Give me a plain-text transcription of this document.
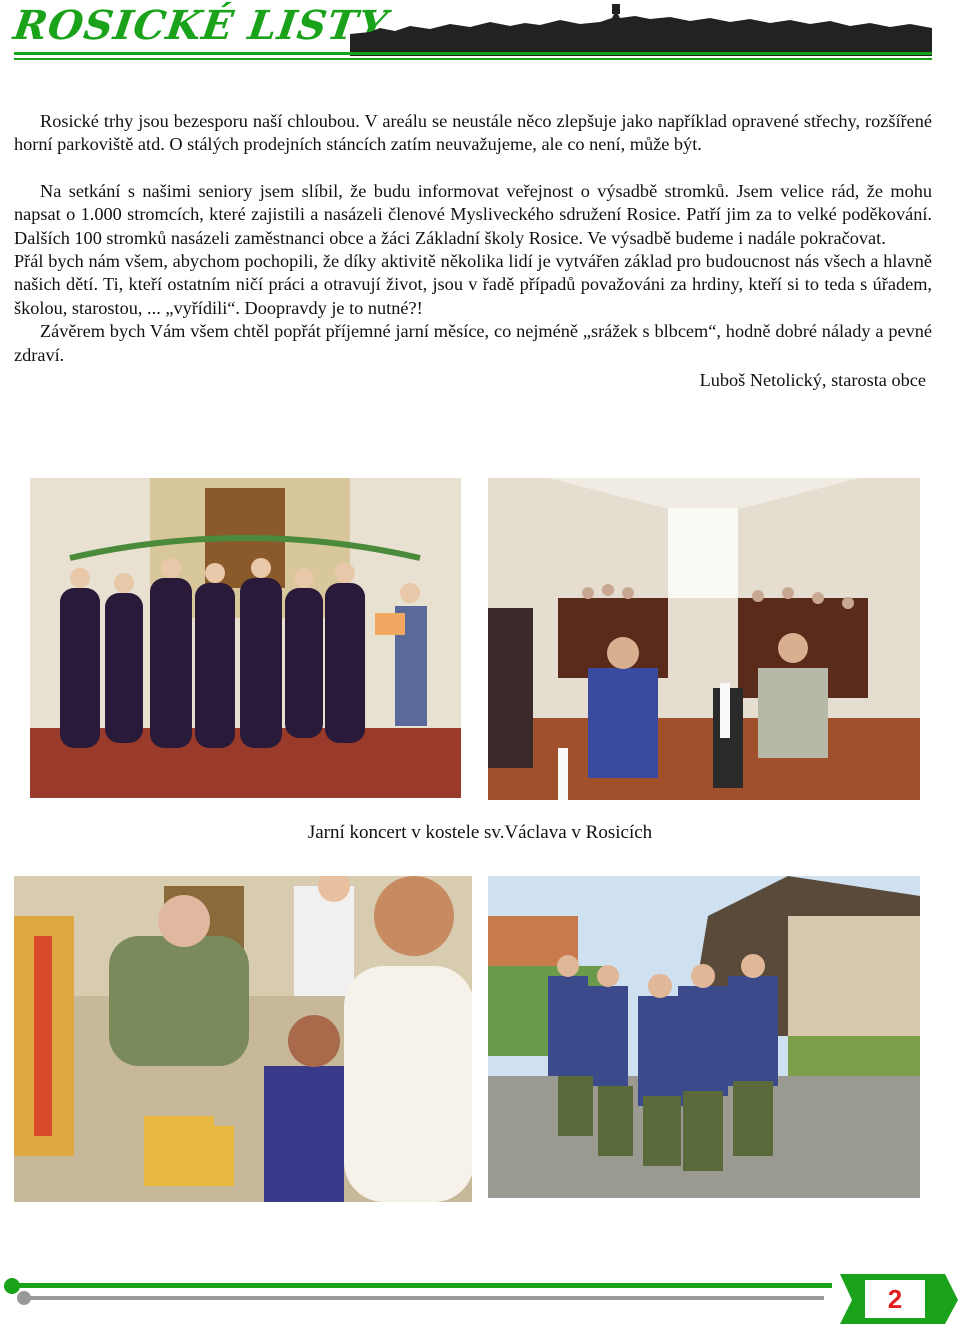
ROSICKÉ LISTY

Rosické trhy jsou bezesporu naší chloubou. V areálu se neustále něco zlepšuje jako například opravené střechy, rozšířené horní parkoviště atd. O stálých prodejních stáncích zatím neuvažujeme, ale co není, může být.

Na setkání s našimi seniory jsem slíbil, že budu informovat veřejnost o výsadbě stromků. Jsem velice rád, že mohu napsat o 1.000 stromcích, které zajistili a nasázeli členové Mysliveckého sdružení Rosice. Patří jim za to velké poděkování. Dalších 100 stromků nasázeli zaměstnanci obce a žáci Základní školy Rosice. Ve výsadbě budeme i nadále pokračovat.

Přál bych nám všem, abychom pochopili, že díky aktivitě několika lidí je vytvářen základ pro budoucnost nás všech a hlavně našich dětí. Ti, kteří ostatním ničí práci a otravují život, jsou v řadě případů považováni za hrdiny, kteří si to teda s úřadem, školou, starostou, ... „vyřídili“. Doopravdy je to nutné?!

Závěrem bych Vám všem chtěl popřát příjemné jarní měsíce, co nejméně „srážek s blbcem“, hodně dobré nálady a pevné zdraví.

Luboš Netolický, starosta obce

Jarní koncert v kostele sv.Václava v Rosicích
2
